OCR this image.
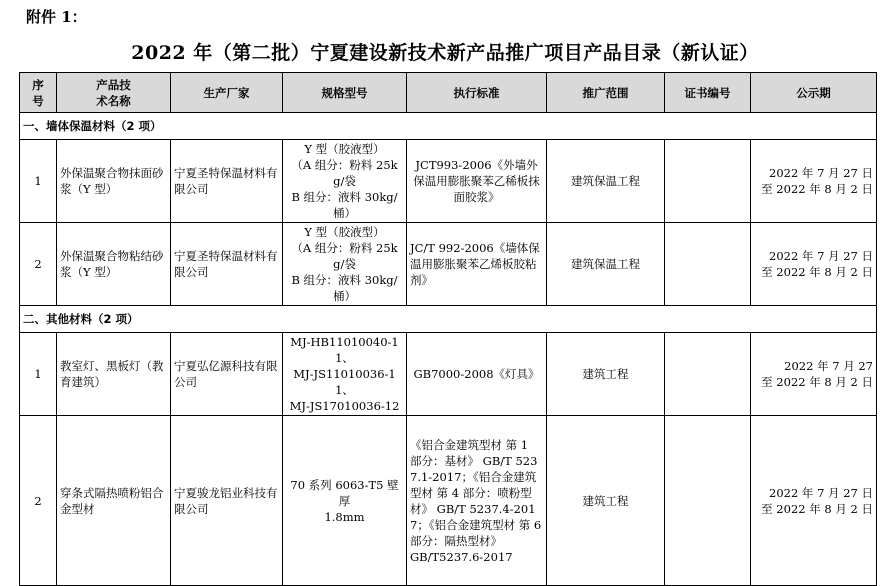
附件 1：
2022 年（第二批）宁夏建设新技术新产品推广项目产品目录（新认证）
序
号	产品技
术名称	生产厂家	规格型号	执行标准	推广范围	证书编号	公示期
一、墙体保温材料（2 项）							
1	外保温聚合物抹面砂浆（Y 型）	宁夏圣特保温材料有限公司	Y 型（胶液型）
（A 组分：粉料 25kg/袋
B 组分：液料 30kg/桶）	JCT993-2006《外墙外保温用膨胀聚苯乙稀板抹面胶浆》	建筑保温工程		2022 年 7 月 27 日
至 2022 年 8 月 2 日
2	外保温聚合物粘结砂浆（Y 型）	宁夏圣特保温材料有限公司	Y 型（胶液型）
（A 组分：粉料 25kg/袋
B 组分：液料 30kg/桶）	JC/T 992-2006《墙体保温用膨胀聚苯乙烯板胶粘剂》	建筑保温工程		2022 年 7 月 27 日
至 2022 年 8 月 2 日
二、其他材料（2 项）							
1	教室灯、黑板灯（教育建筑）	宁夏弘亿源科技有限公司	MJ-HB11010040-11、
MJ-JS11010036-11、
MJ-JS17010036-12	GB7000-2008《灯具》	建筑工程		2022 年 7 月 27
至 2022 年 8 月 2 日
2	穿条式隔热喷粉铝合金型材	宁夏骏龙铝业科技有限公司	70 系列 6063-T5 壁厚
1.8mm	《铝合金建筑型材 第 1 部分：基材》 GB/T 5237.1-2017；《铝合金建筑型材 第 4 部分：喷粉型材》 GB/T 5237.4-2017；《铝合金建筑型材 第 6 部分：隔热型材》
GB/T5237.6-2017	建筑工程		2022 年 7 月 27 日
至 2022 年 8 月 2 日
